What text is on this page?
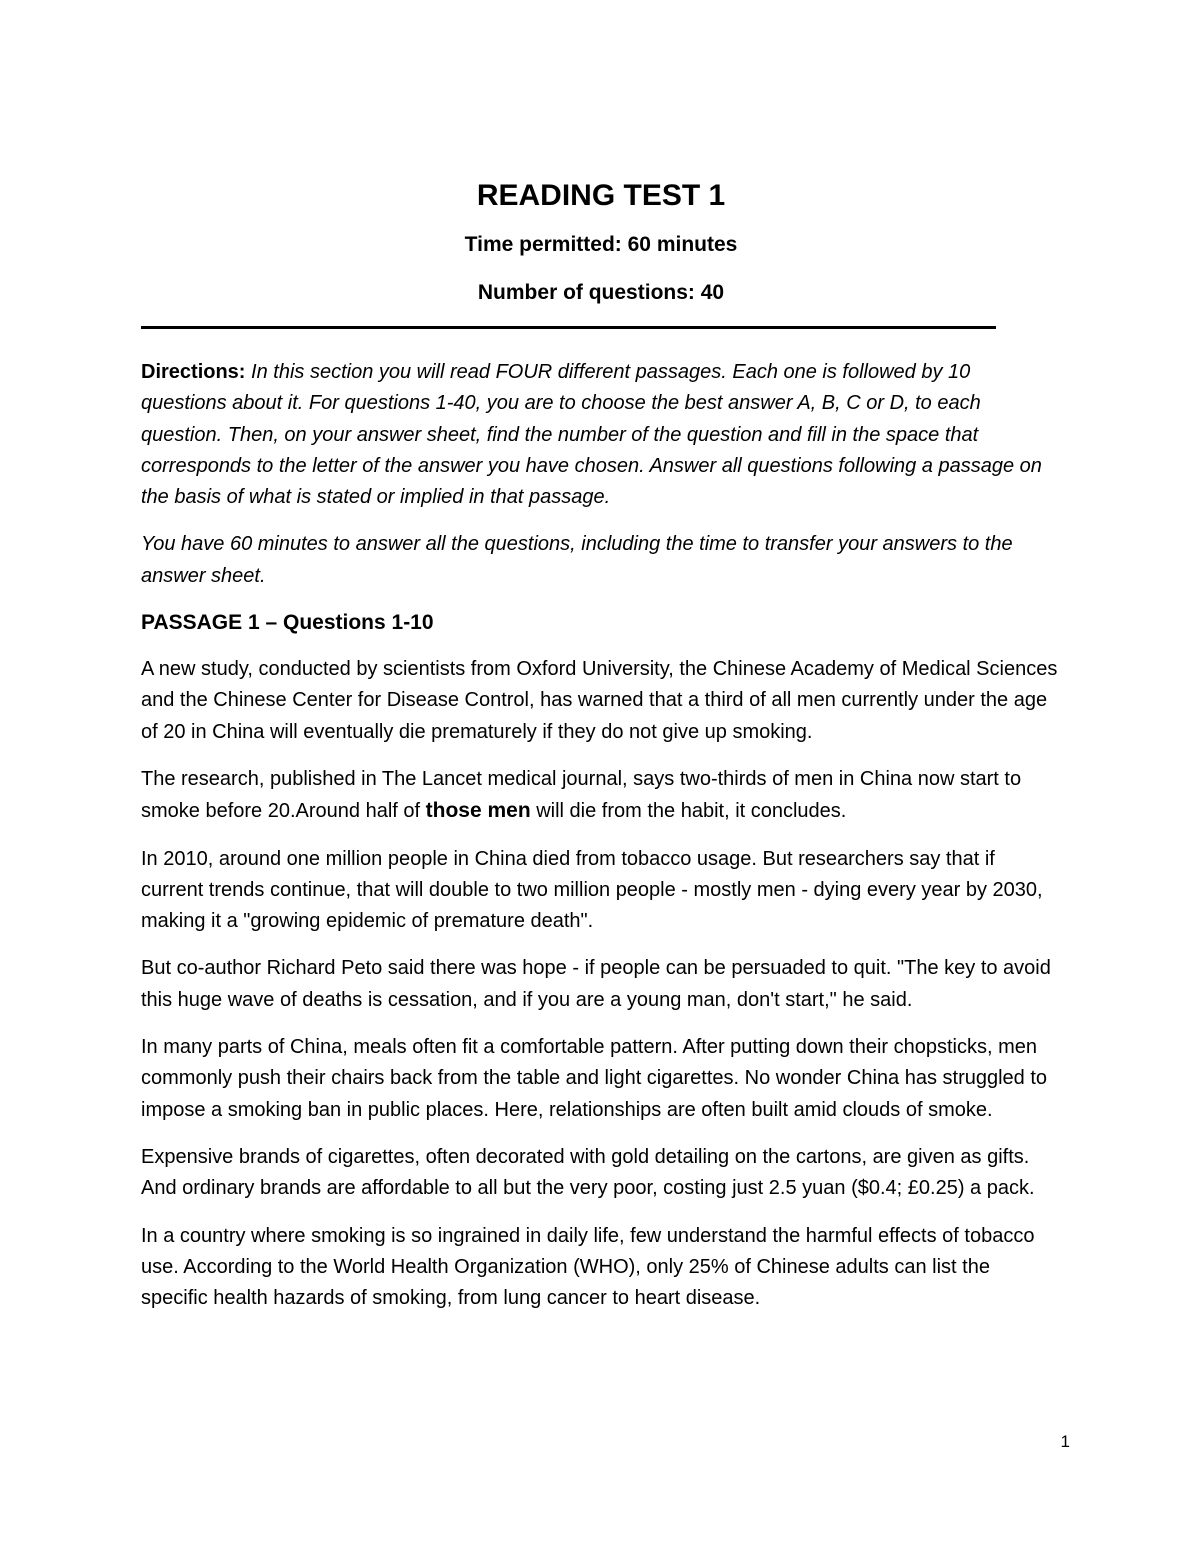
READING TEST 1
Time permitted: 60 minutes
Number of questions: 40

Directions: In this section you will read FOUR different passages. Each one is followed by 10 questions about it. For questions 1-40, you are to choose the best answer A, B, C or D, to each question. Then, on your answer sheet, find the number of the question and fill in the space that corresponds to the letter of the answer you have chosen. Answer all questions following a passage on the basis of what is stated or implied in that passage.

You have 60 minutes to answer all the questions, including the time to transfer your answers to the answer sheet.

PASSAGE 1 – Questions 1-10

A new study, conducted by scientists from Oxford University, the Chinese Academy of Medical Sciences and the Chinese Center for Disease Control, has warned that a third of all men currently under the age of 20 in China will eventually die prematurely if they do not give up smoking.

The research, published in The Lancet medical journal, says two-thirds of men in China now start to smoke before 20.Around half of those men will die from the habit, it concludes.

In 2010, around one million people in China died from tobacco usage. But researchers say that if current trends continue, that will double to two million people - mostly men - dying every year by 2030, making it a "growing epidemic of premature death".

But co-author Richard Peto said there was hope - if people can be persuaded to quit. "The key to avoid this huge wave of deaths is cessation, and if you are a young man, don't start," he said.

In many parts of China, meals often fit a comfortable pattern. After putting down their chopsticks, men commonly push their chairs back from the table and light cigarettes. No wonder China has struggled to impose a smoking ban in public places. Here, relationships are often built amid clouds of smoke.

Expensive brands of cigarettes, often decorated with gold detailing on the cartons, are given as gifts. And ordinary brands are affordable to all but the very poor, costing just 2.5 yuan ($0.4; £0.25) a pack.

In a country where smoking is so ingrained in daily life, few understand the harmful effects of tobacco use. According to the World Health Organization (WHO), only 25% of Chinese adults can list the specific health hazards of smoking, from lung cancer to heart disease.

1
